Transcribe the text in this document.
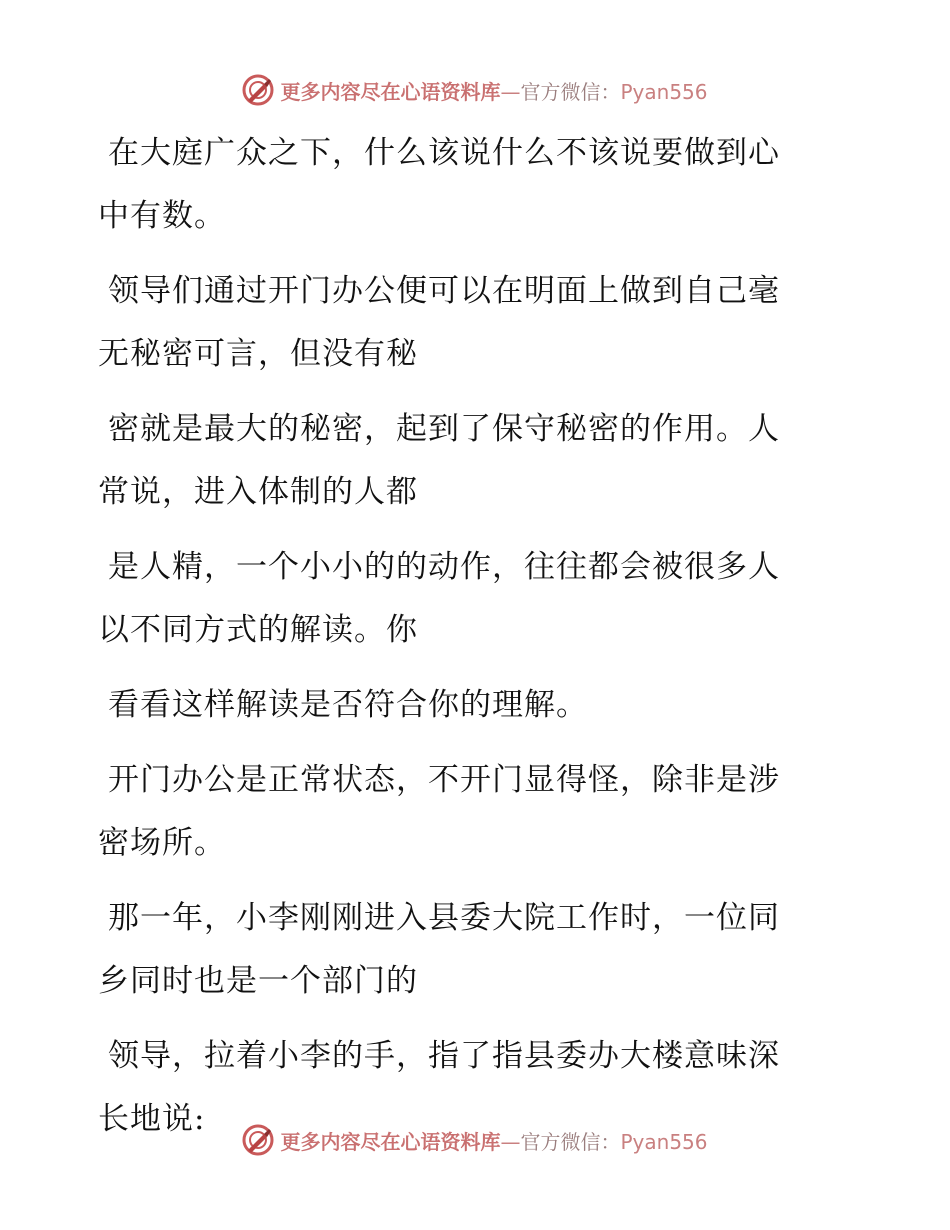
更多内容尽在心语资料库—官方微信：Pyan556

在大庭广众之下，什么该说什么不该说要做到心
中有数。

领导们通过开门办公便可以在明面上做到自己毫
无秘密可言，但没有秘

密就是最大的秘密，起到了保守秘密的作用。人
常说，进入体制的人都

是人精，一个小小的的动作，往往都会被很多人
以不同方式的解读。你

看看这样解读是否符合你的理解。

开门办公是正常状态，不开门显得怪，除非是涉
密场所。

那一年，小李刚刚进入县委大院工作时，一位同
乡同时也是一个部门的

领导，拉着小李的手，指了指县委办大楼意味深
长地说:

更多内容尽在心语资料库—官方微信：Pyan556
